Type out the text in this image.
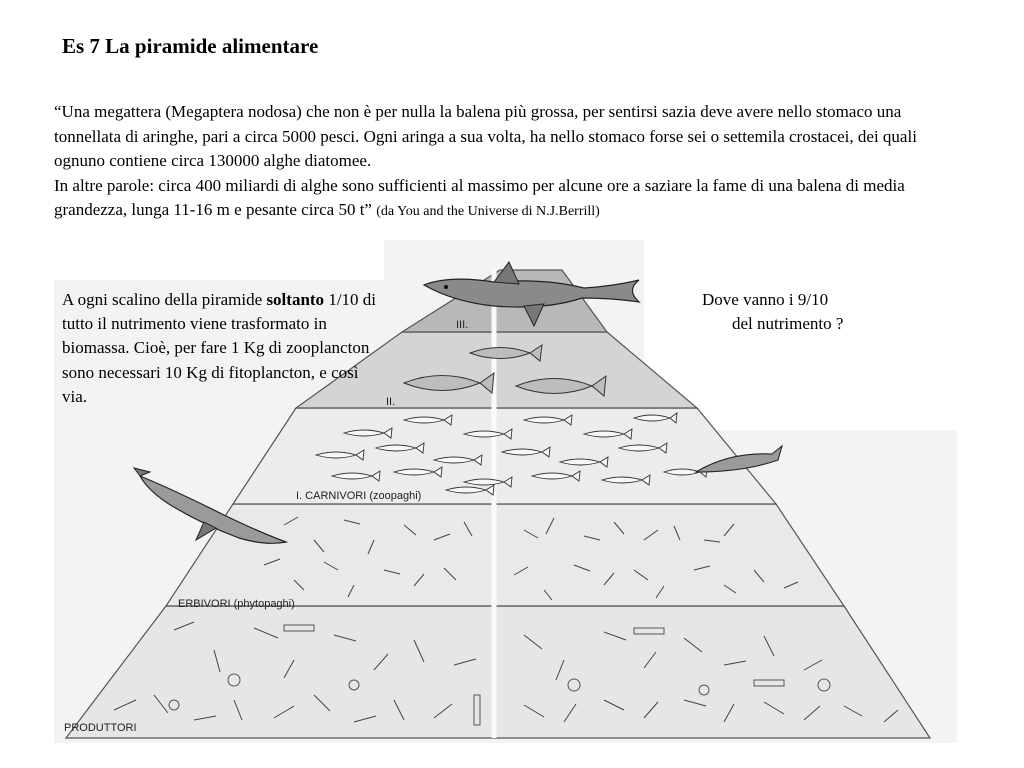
Es 7 La piramide alimentare

“Una megattera (Megaptera nodosa) che non è per nulla la balena più grossa, per sentirsi sazia deve avere nello stomaco una tonnellata di aringhe, pari a circa 5000 pesci. Ogni aringa a sua volta, ha nello stomaco forse sei o settemila crostacei, dei quali ognuno contiene circa 130000 alghe diatomee.

In altre parole: circa 400 miliardi di alghe sono sufficienti al massimo per alcune ore a saziare la fame di una balena di media grandezza, lunga 11-16 m e pesante circa 50 t” (da You and the Universe di N.J.Berrill)

III.
II.
I. CARNIVORI (zoopaghi)
ERBIVORI (phytopaghi)
PRODUTTORI
A ogni scalino della piramide soltanto 1/10 di tutto il nutrimento viene trasformato in biomassa. Cioè, per fare 1 Kg di zooplancton sono necessari 10 Kg di fitoplancton, e così via.
Dove vanno i 9/10
del nutrimento ?
